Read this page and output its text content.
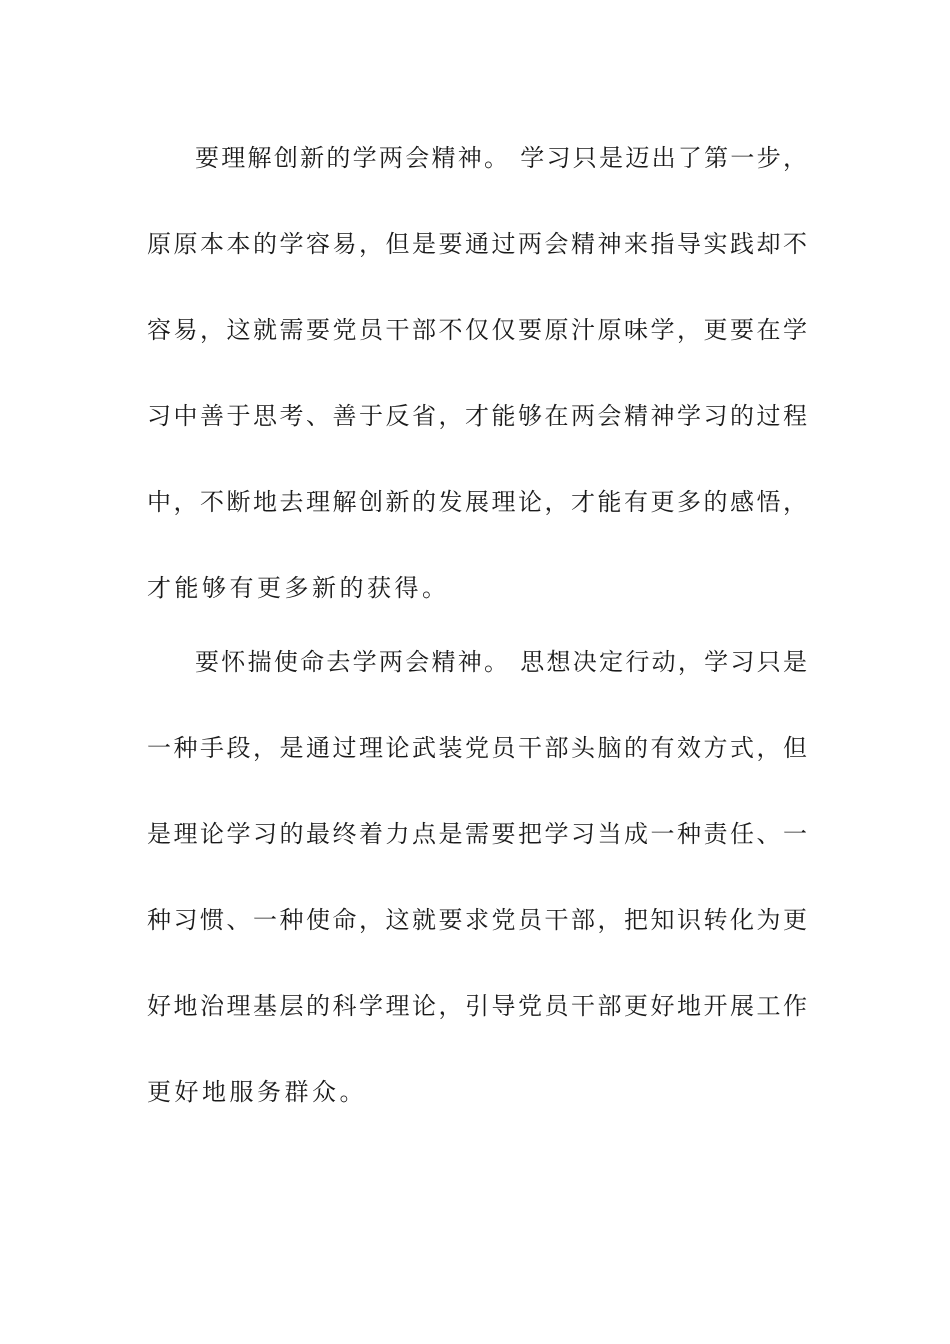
要理解创新的学两会精神。 学习只是迈出了第一步，

原原本本的学容易，但是要通过两会精神来指导实践却不

容易，这就需要党员干部不仅仅要原汁原味学，更要在学

习中善于思考、善于反省，才能够在两会精神学习的过程

中，不断地去理解创新的发展理论，才能有更多的感悟，

才能够有更多新的获得。

要怀揣使命去学两会精神。 思想决定行动，学习只是

一种手段，是通过理论武装党员干部头脑的有效方式，但

是理论学习的最终着力点是需要把学习当成一种责任、一

种习惯、一种使命，这就要求党员干部，把知识转化为更

好地治理基层的科学理论，引导党员干部更好地开展工作

更好地服务群众。
